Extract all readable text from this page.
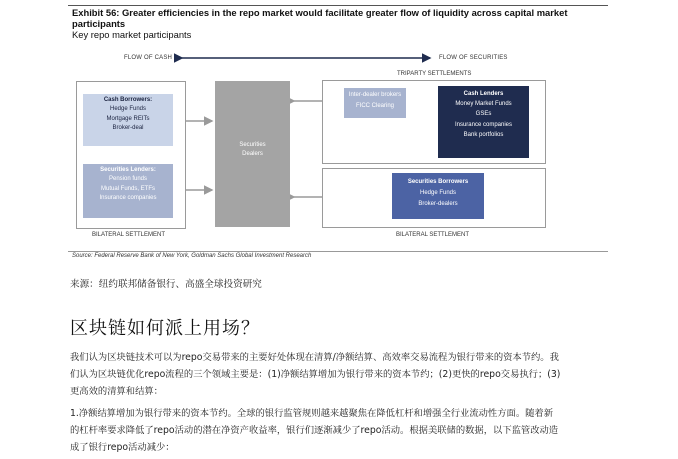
Exhibit 56: Greater efficiencies in the repo market would facilitate greater flow of liquidity across capital market participants
Key repo market participants
FLOW OF CASH	FLOW OF SECURITIES
Cash Borrowers:
Hedge Funds
Mortgage REITs
Broker-deal
Securities Lenders:
Pension funds
Mutual Funds, ETFs
Insurance companies
BILATERAL SETTLEMENT
Securities
Dealers
TRIPARTY SETTLEMENTS
Inter-dealer brokers
FICC Clearing
Cash Lenders
Money Market Funds
GSEs
Insurance companies
Bank portfolios
Securities Borrowers
Hedge Funds
Broker-dealers
BILATERAL SETTLEMENT
Source: Federal Reserve Bank of New York, Goldman Sachs Global Investment Research
来源：纽约联邦储备银行、高盛全球投资研究
区块链如何派上用场？
我们认为区块链技术可以为repo交易带来的主要好处体现在清算/净额结算、高效率交易流程为银行带来的资本节约。我
们认为区块链优化repo流程的三个领域主要是：(1)净额结算增加为银行带来的资本节约；(2)更快的repo交易执行；(3)
更高效的清算和结算：
1.净额结算增加为银行带来的资本节约。全球的银行监管规则越来越聚焦在降低杠杆和增强全行业流动性方面。随着新
的杠杆率要求降低了repo活动的潜在净资产收益率，银行们逐渐减少了repo活动。根据美联储的数据，以下监管改动造
成了银行repo活动减少：
